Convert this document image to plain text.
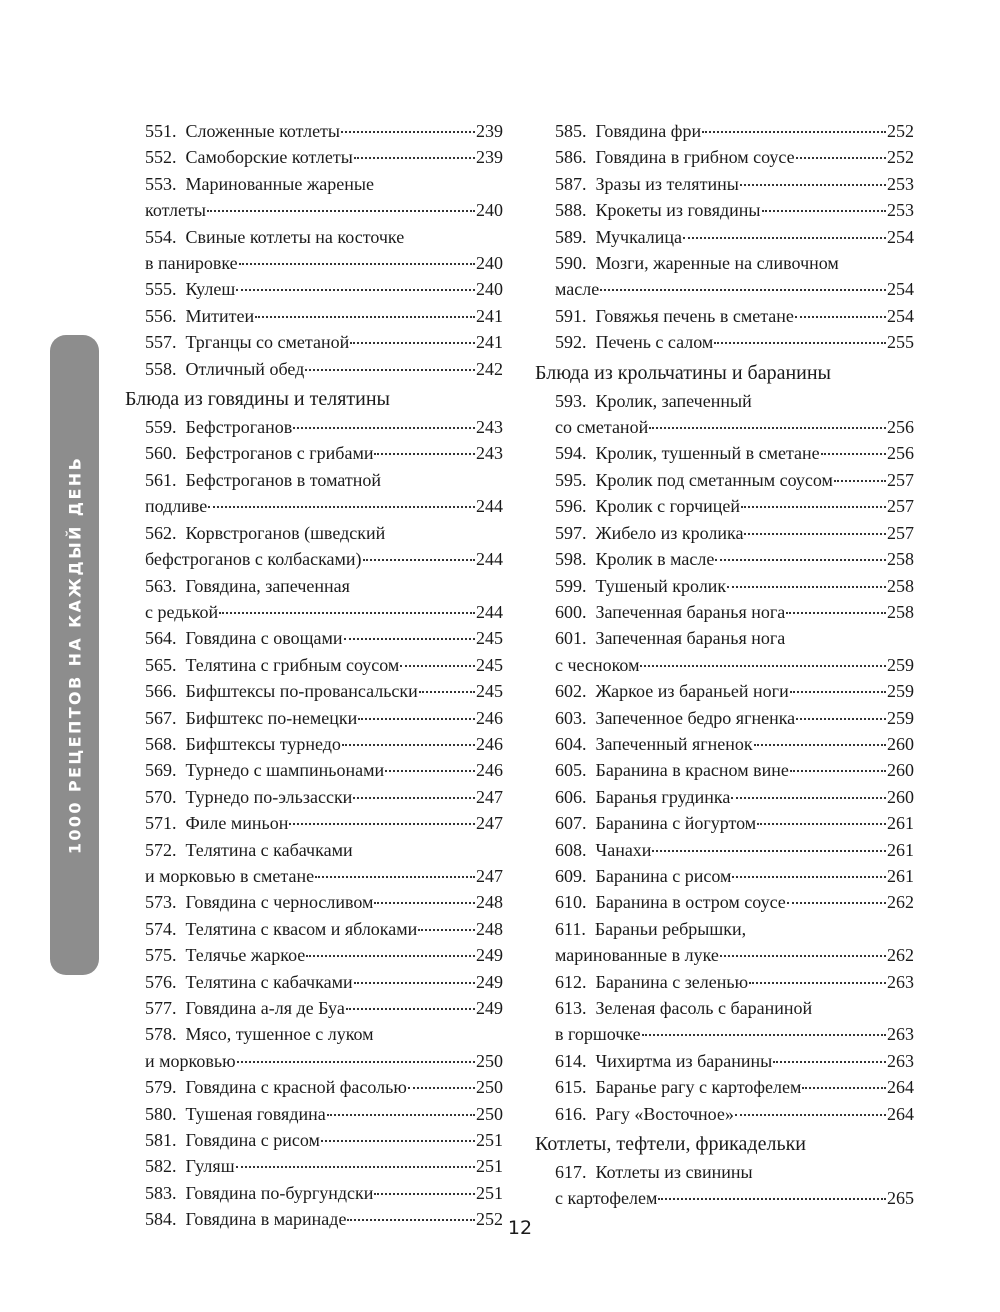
1000 РЕЦЕПТОВ НА КАЖДЫЙ ДЕНЬ
551. Сложенные котлеты	239
552. Самоборские котлеты	239
553. Маринованные жареные
котлеты	240
554. Свиные котлеты на косточке
в панировке	240
555. Кулеш	240
556. Мититеи	241
557. Трганцы со сметаной	241
558. Отличный обед	242
Блюда из говядины и телятины
559. Бефстроганов	243
560. Бефстроганов с грибами	243
561. Бефстроганов в томатной
подливе	244
562. Корвстроганов (шведский
бефстроганов с колбасками)	244
563. Говядина, запеченная
с редькой	244
564. Говядина с овощами	245
565. Телятина с грибным соусом	245
566. Бифштексы по-провансальски	245
567. Бифштекс по-немецки	246
568. Бифштексы турнедо	246
569. Турнедо с шампиньонами	246
570. Турнедо по-эльзасски	247
571. Филе миньон	247
572. Телятина с кабачками
и морковью в сметане	247
573. Говядина с черносливом	248
574. Телятина с квасом и яблоками	248
575. Телячье жаркое	249
576. Телятина с кабачками	249
577. Говядина а-ля де Буа	249
578. Мясо, тушенное с луком
и морковью	250
579. Говядина с красной фасолью	250
580. Тушеная говядина	250
581. Говядина с рисом	251
582. Гуляш	251
583. Говядина по-бургундски	251
584. Говядина в маринаде	252
585. Говядина фри	252
586. Говядина в грибном соусе	252
587. Зразы из телятины	253
588. Крокеты из говядины	253
589. Мучкалица	254
590. Мозги, жаренные на сливочном
масле	254
591. Говяжья печень в сметане	254
592. Печень с салом	255
Блюда из крольчатины и баранины
593. Кролик, запеченный
со сметаной	256
594. Кролик, тушенный в сметане	256
595. Кролик под сметанным соусом	257
596. Кролик с горчицей	257
597. Жибело из кролика	257
598. Кролик в масле	258
599. Тушеный кролик	258
600. Запеченная баранья нога	258
601. Запеченная баранья нога
с чесноком	259
602. Жаркое из бараньей ноги	259
603. Запеченное бедро ягненка	259
604. Запеченный ягненок	260
605. Баранина в красном вине	260
606. Баранья грудинка	260
607. Баранина с йогуртом	261
608. Чанахи	261
609. Баранина с рисом	261
610. Баранина в остром соусе	262
611. Бараньи ребрышки,
маринованные в луке	262
612. Баранина с зеленью	263
613. Зеленая фасоль с бараниной
в горшочке	263
614. Чихиртма из баранины	263
615. Баранье рагу с картофелем	264
616. Рагу «Восточное»	264
Котлеты, тефтели, фрикадельки
617. Котлеты из свинины
с картофелем	265
12
